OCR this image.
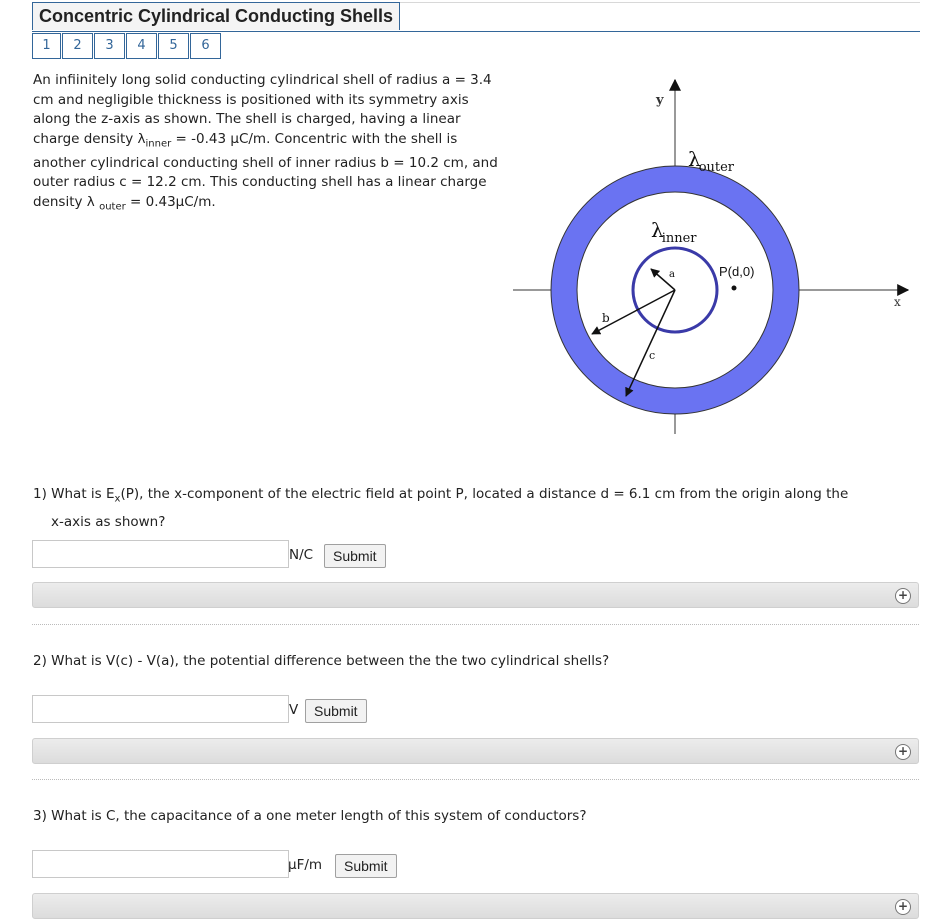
Concentric Cylindrical Conducting Shells
1	2	3	4	5	6
An infiinitely long solid conducting cylindrical shell of radius a = 3.4 cm and negligible thickness is positioned with its symmetry axis along the z-axis as shown. The shell is charged, having a linear charge density $\lambda_{inner} = -0.43$ μC/m. Concentric with the shell is another cylindrical conducting shell of inner radius b = 10.2 cm, and outer radius c = 12.2 cm. This conducting shell has a linear charge density λ $_{outer}$ = 0.43μC/m.
y
x
λouter
λinner
P(d,0)
a
b
c
1) What is $E_x(P)$, the x-component of the electric field at point P, located a distance d = 6.1 cm from the origin along the
x-axis as shown?
N/C	Submit
+
2) What is V(c) - V(a), the potential difference between the the two cylindrical shells?
V	Submit
+
3) What is C, the capacitance of a one meter length of this system of conductors?
μF/m	Submit
+
